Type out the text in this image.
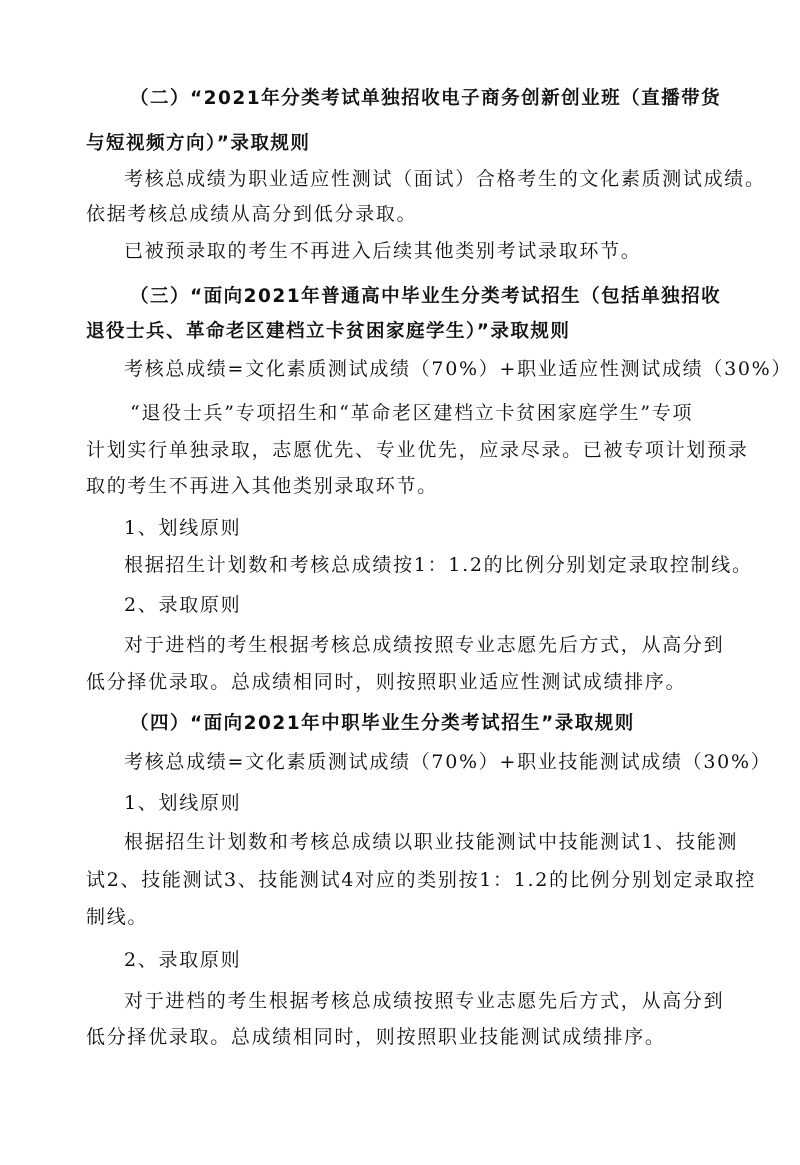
（二）“2021年分类考试单独招收电子商务创新创业班（直播带货
与短视频方向）”录取规则
考核总成绩为职业适应性测试（面试）合格考生的文化素质测试成绩。
依据考核总成绩从高分到低分录取。
已被预录取的考生不再进入后续其他类别考试录取环节。
（三）“面向2021年普通高中毕业生分类考试招生（包括单独招收
退役士兵、革命老区建档立卡贫困家庭学生）”录取规则
考核总成绩=文化素质测试成绩（70%）+职业适应性测试成绩（30%）
“退役士兵”专项招生和“革命老区建档立卡贫困家庭学生”专项
计划实行单独录取，志愿优先、专业优先，应录尽录。已被专项计划预录
取的考生不再进入其他类别录取环节。
1、划线原则
根据招生计划数和考核总成绩按1：1.2的比例分别划定录取控制线。
2、录取原则
对于进档的考生根据考核总成绩按照专业志愿先后方式，从高分到
低分择优录取。总成绩相同时，则按照职业适应性测试成绩排序。
（四）“面向2021年中职毕业生分类考试招生”录取规则
考核总成绩=文化素质测试成绩（70%）+职业技能测试成绩（30%）
1、划线原则
根据招生计划数和考核总成绩以职业技能测试中技能测试1、技能测
试2、技能测试3、技能测试4对应的类别按1：1.2的比例分别划定录取控
制线。
2、录取原则
对于进档的考生根据考核总成绩按照专业志愿先后方式，从高分到
低分择优录取。总成绩相同时，则按照职业技能测试成绩排序。
